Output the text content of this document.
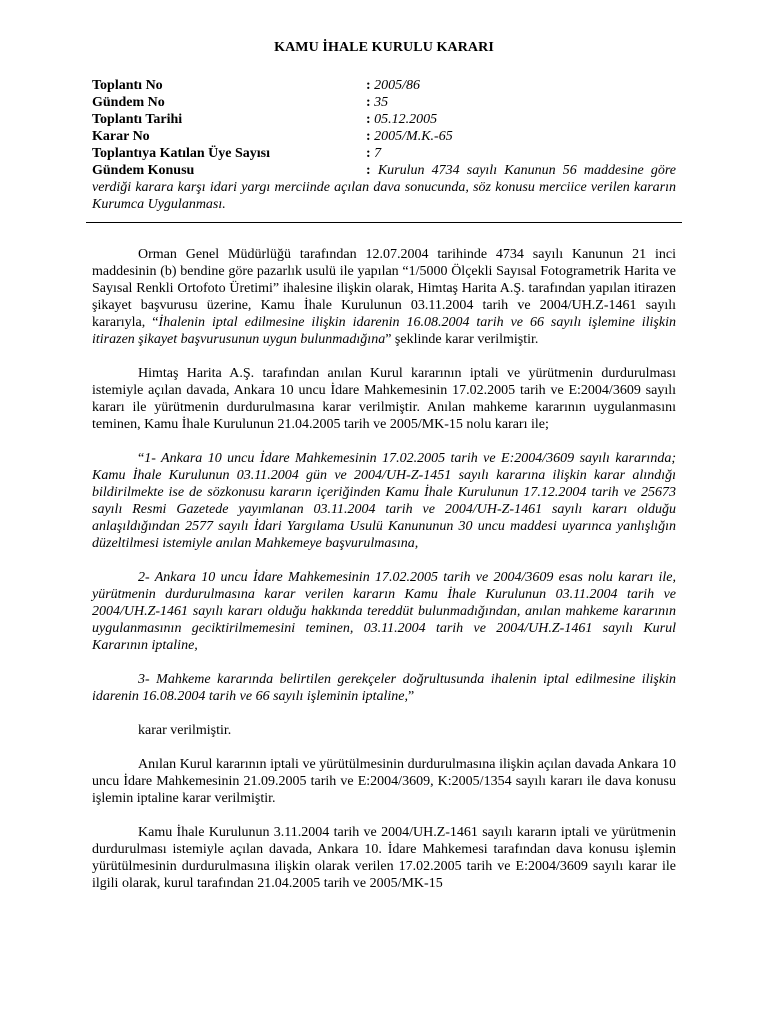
KAMU İHALE KURULU KARARI
Toplantı No	: 2005/86
Gündem No	: 35
Toplantı Tarihi	: 05.12.2005
Karar No	: 2005/M.K.-65
Toplantıya Katılan Üye Sayısı	: 7
Gündem Konusu	: Kurulun 4734 sayılı Kanunun 56 maddesine göre verdiği karara karşı idari yargı merciinde açılan dava sonucunda, söz konusu merciice verilen kararın Kurumca Uygulanması.

Orman Genel Müdürlüğü tarafından 12.07.2004 tarihinde 4734 sayılı Kanunun 21 inci maddesinin (b) bendine göre pazarlık usulü ile yapılan “1/5000 Ölçekli Sayısal Fotogrametrik Harita ve Sayısal Renkli Ortofoto Üretimi” ihalesine ilişkin olarak, Himtaş Harita A.Ş. tarafından yapılan itirazen şikayet başvurusu üzerine, Kamu İhale Kurulunun 03.11.2004 tarih ve 2004/UH.Z-1461 sayılı kararıyla, “İhalenin iptal edilmesine ilişkin idarenin 16.08.2004 tarih ve 66 sayılı işlemine ilişkin itirazen şikayet başvurusunun uygun bulunmadığına” şeklinde karar verilmiştir.

Himtaş Harita A.Ş. tarafından anılan Kurul kararının iptali ve yürütmenin durdurulması istemiyle açılan davada, Ankara 10 uncu İdare Mahkemesinin 17.02.2005 tarih ve E:2004/3609 sayılı kararı ile yürütmenin durdurulmasına karar verilmiştir. Anılan mahkeme kararının uygulanmasını teminen, Kamu İhale Kurulunun 21.04.2005 tarih ve 2005/MK-15 nolu kararı ile;

“1- Ankara 10 uncu İdare Mahkemesinin 17.02.2005 tarih ve E:2004/3609 sayılı kararında; Kamu İhale Kurulunun 03.11.2004 gün ve 2004/UH-Z-1451 sayılı kararına ilişkin karar alındığı bildirilmekte ise de sözkonusu kararın içeriğinden Kamu İhale Kurulunun 17.12.2004 tarih ve 25673 sayılı Resmi Gazetede yayımlanan 03.11.2004 tarih ve 2004/UH-Z-1461 sayılı kararı olduğu anlaşıldığından 2577 sayılı İdari Yargılama Usulü Kanununun 30 uncu maddesi uyarınca yanlışlığın düzeltilmesi istemiyle anılan Mahkemeye başvurulmasına,

2- Ankara 10 uncu İdare Mahkemesinin 17.02.2005 tarih ve 2004/3609 esas nolu kararı ile, yürütmenin durdurulmasına karar verilen kararın Kamu İhale Kurulunun 03.11.2004 tarih ve 2004/UH.Z-1461 sayılı kararı olduğu hakkında tereddüt bulunmadığından, anılan mahkeme kararının uygulanmasının geciktirilmemesini teminen, 03.11.2004 tarih ve 2004/UH.Z-1461 sayılı Kurul Kararının iptaline,

3- Mahkeme kararında belirtilen gerekçeler doğrultusunda ihalenin iptal edilmesine ilişkin idarenin 16.08.2004 tarih ve 66 sayılı işleminin iptaline,”

karar verilmiştir.

Anılan Kurul kararının iptali ve yürütülmesinin durdurulmasına ilişkin açılan davada Ankara 10 uncu İdare Mahkemesinin 21.09.2005 tarih ve E:2004/3609, K:2005/1354 sayılı kararı ile dava konusu işlemin iptaline karar verilmiştir.

Kamu İhale Kurulunun 3.11.2004 tarih ve 2004/UH.Z-1461 sayılı kararın iptali ve yürütmenin durdurulması istemiyle açılan davada, Ankara 10. İdare Mahkemesi tarafından dava konusu işlemin yürütülmesinin durdurulmasına ilişkin olarak verilen 17.02.2005 tarih ve E:2004/3609 sayılı karar ile ilgili olarak, kurul tarafından 21.04.2005 tarih ve 2005/MK-15
